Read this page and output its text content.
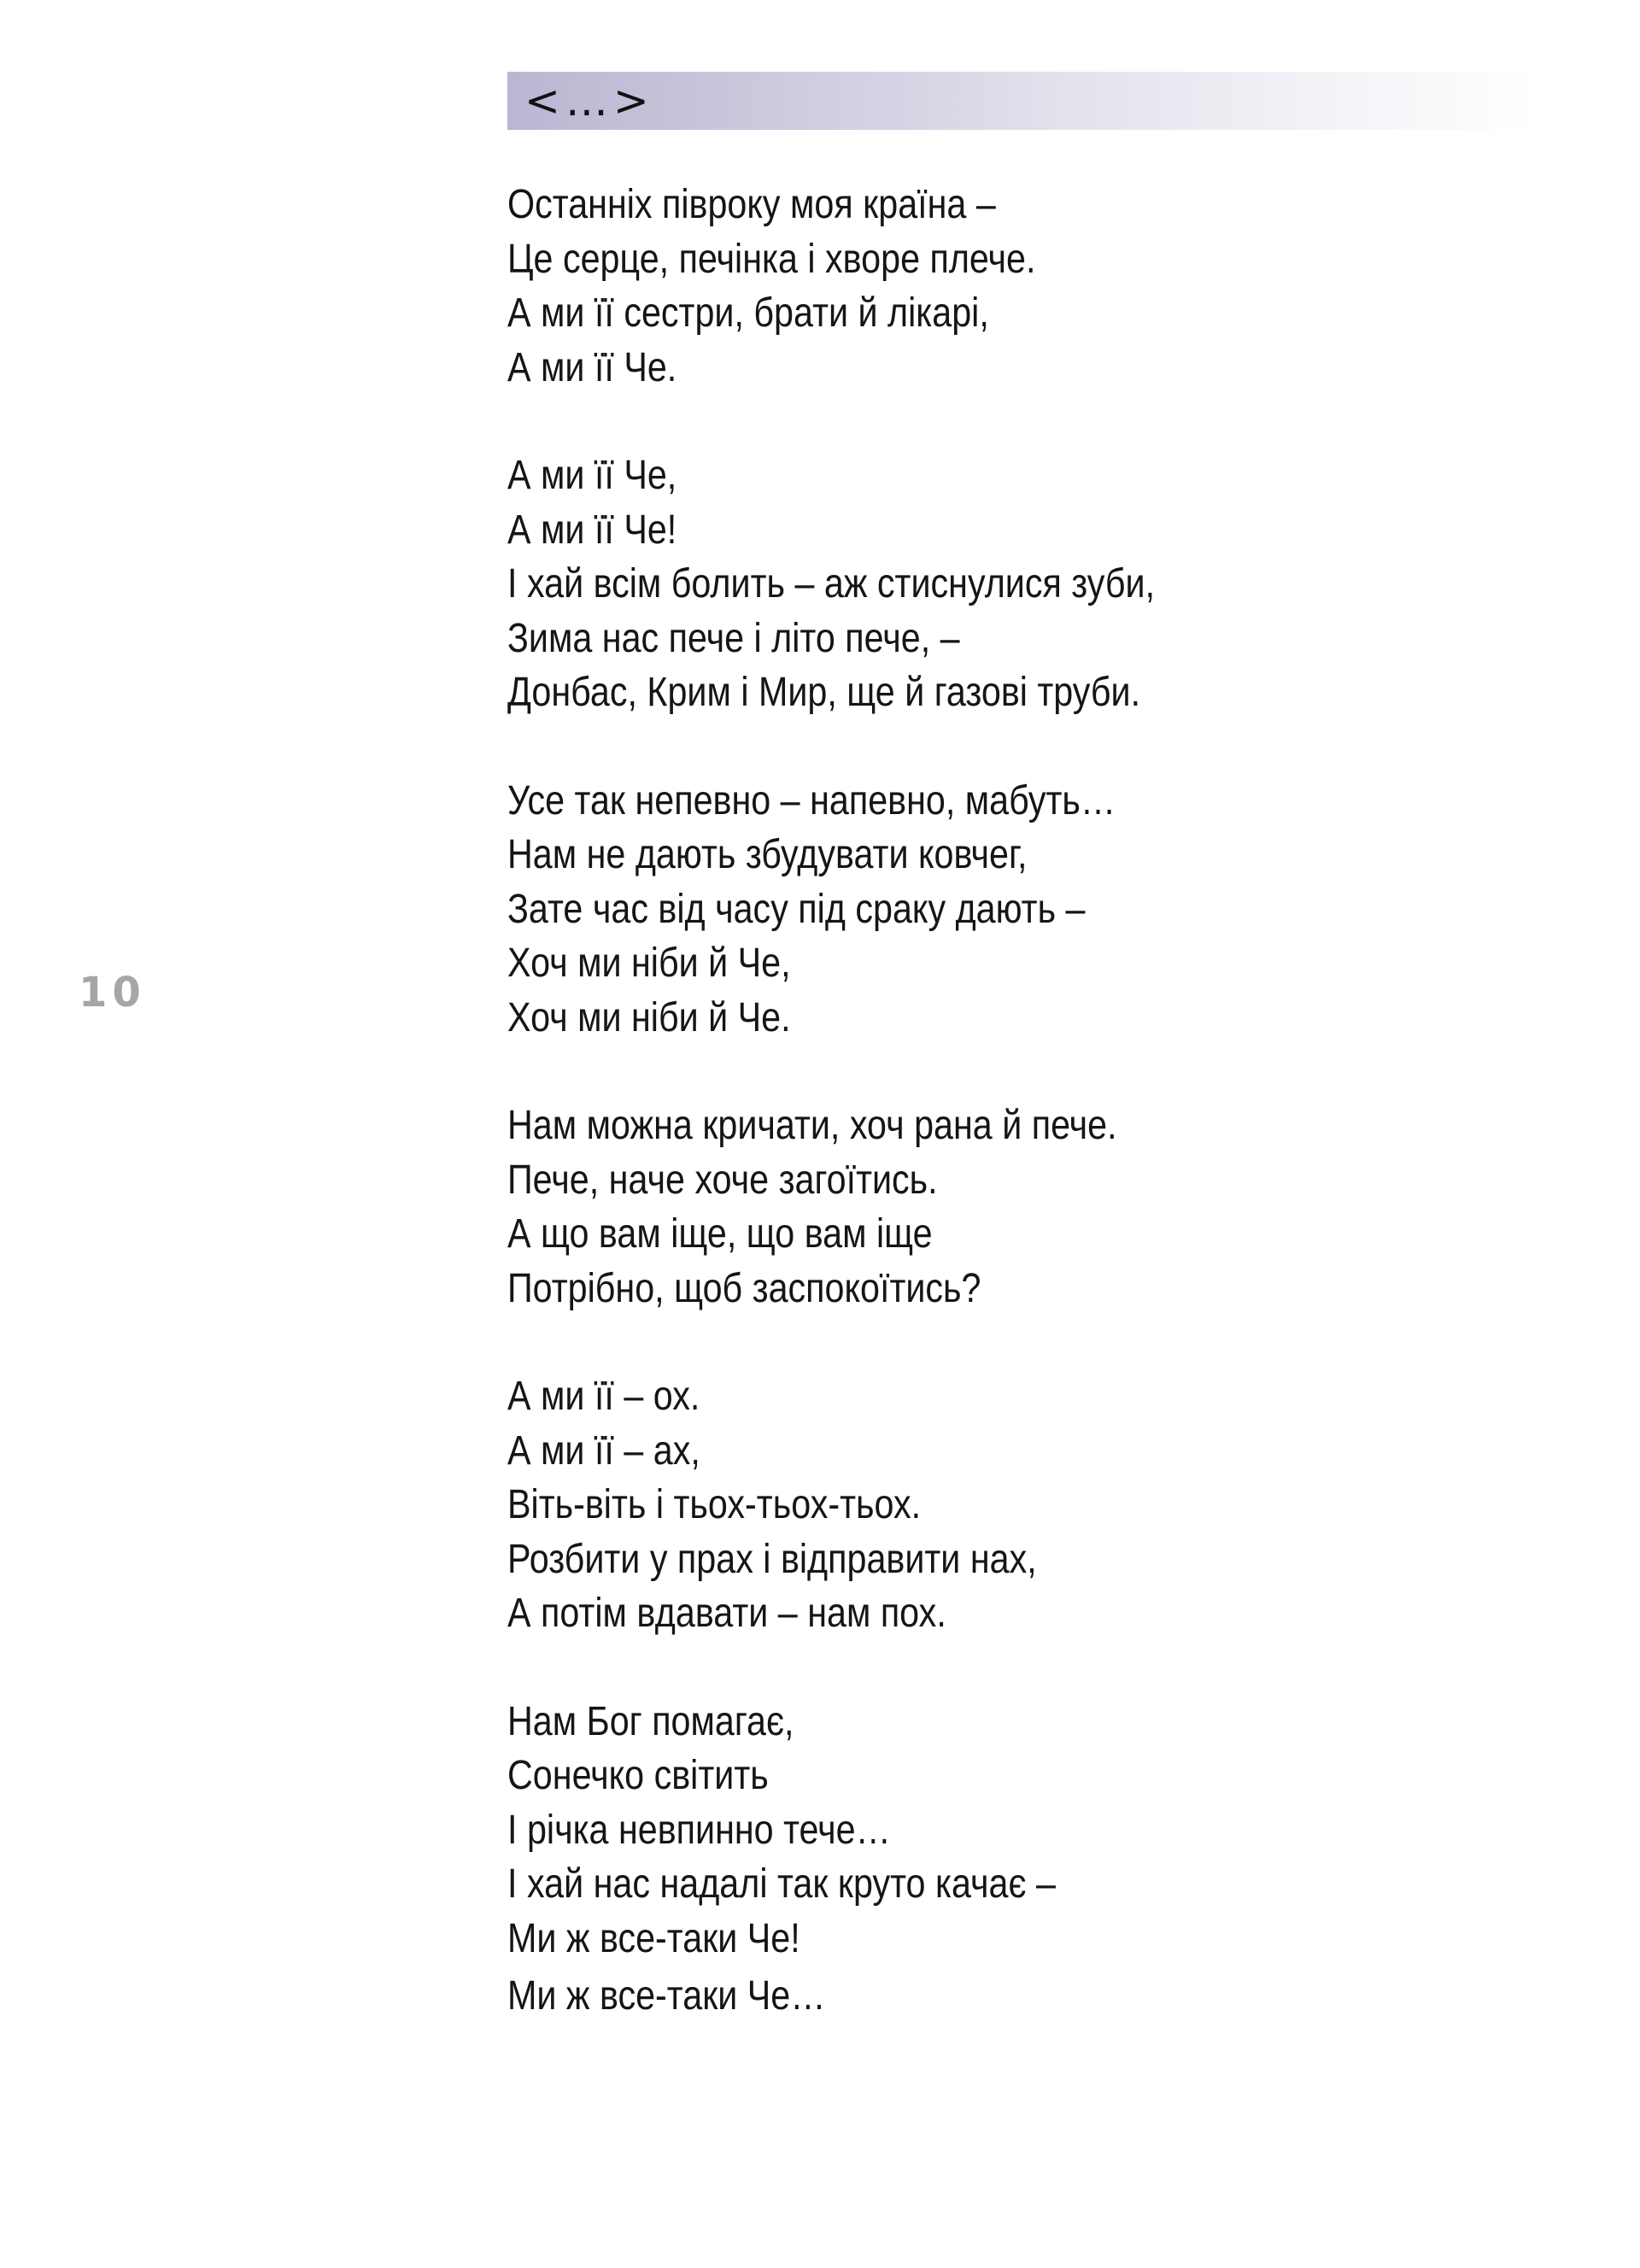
<…>
10
Останніх півроку моя країна –
Це серце, печінка і хворе плече.
А ми її сестри, брати й лікарі,
А ми її Че.
А ми її Че,
А ми її Че!
І хай всім болить – аж стиснулися зуби,
Зима нас пече і літо пече, –
Донбас, Крим і Мир, ще й газові труби.
Усе так непевно – напевно, мабуть…
Нам не дають збудувати ковчег,
Зате час від часу під сраку дають –
Хоч ми ніби й Че,
Хоч ми ніби й Че.
Нам можна кричати, хоч рана й пече.
Пече, наче хоче загоїтись.
А що вам іще, що вам іще
Потрібно, щоб заспокоїтись?
А ми її – ох.
А ми її – ах,
Віть-віть і тьох-тьох-тьох.
Розбити у прах і відправити нах,
А потім вдавати – нам пох.
Нам Бог помагає,
Сонечко світить
І річка невпинно тече…
І хай нас надалі так круто качає –
Ми ж все-таки Че!
Ми ж все-таки Че…
